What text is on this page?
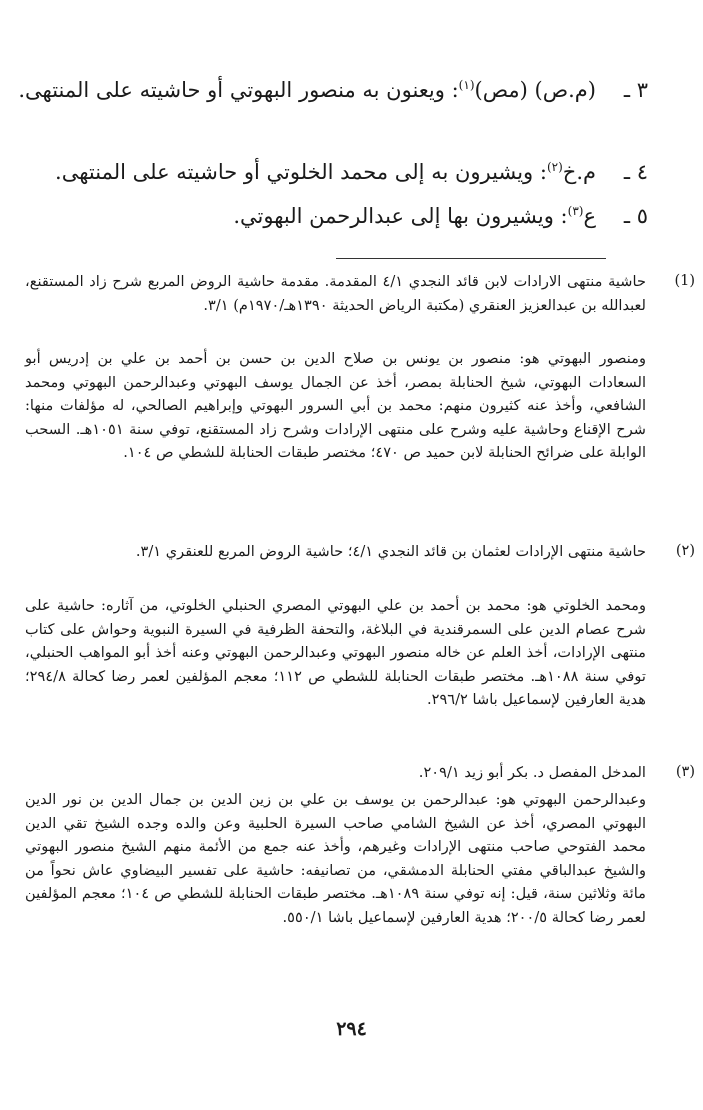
٣ ـ
(م.ص) (مص)$^{(١)}$: ويعنون به منصور البهوتي أو حاشيته على المنتهى.
٤ ـ
م.خ$^{(٢)}$: ويشيرون به إلى محمد الخلوتي أو حاشيته على المنتهى.
٥ ـ
ع$^{(٣)}$: ويشيرون بها إلى عبدالرحمن البهوتي.
(1)
حاشية منتهى الارادات لابن قائد النجدي ٤/١ المقدمة. مقدمة حاشية الروض المربع شرح زاد المستقنع، لعبدالله بن عبدالعزيز العنقري (مكتبة الرياض الحديثة ١٣٩٠هـ/١٩٧٠م) ٣/١.
ومنصور البهوتي هو: منصور بن يونس بن صلاح الدين بن حسن بن أحمد بن علي بن إدريس أبو السعادات البهوتي، شيخ الحنابلة بمصر، أخذ عن الجمال يوسف البهوتي وعبدالرحمن البهوتي ومحمد الشافعي، وأخذ عنه كثيرون منهم: محمد بن أبي السرور البهوتي وإبراهيم الصالحي، له مؤلفات منها: شرح الإقناع وحاشية عليه وشرح على منتهى الإرادات وشرح زاد المستقنع، توفي سنة ١٠٥١هـ. السحب الوابلة على ضرائح الحنابلة لابن حميد ص ٤٧٠؛ مختصر طبقات الحنابلة للشطي ص ١٠٤.
(٢)
حاشية منتهى الإرادات لعثمان بن قائد النجدي ٤/١؛ حاشية الروض المربع للعنقري ٣/١.
ومحمد الخلوتي هو: محمد بن أحمد بن علي البهوتي المصري الحنبلي الخلوتي، من آثاره: حاشية على شرح عصام الدين على السمرقندية في البلاغة، والتحفة الظرفية في السيرة النبوية وحواش على كتاب منتهى الإرادات، أخذ العلم عن خاله منصور البهوتي وعبدالرحمن البهوتي وعنه أخذ أبو المواهب الحنبلي، توفي سنة ١٠٨٨هـ. مختصر طبقات الحنابلة للشطي ص ١١٢؛ معجم المؤلفين لعمر رضا كحالة ٢٩٤/٨؛ هدية العارفين لإسماعيل باشا ٢٩٦/٢.
(٣)
المدخل المفصل د. بكر أبو زيد ٢٠٩/١.
وعبدالرحمن البهوتي هو: عبدالرحمن بن يوسف بن علي بن زين الدين بن جمال الدين بن نور الدين البهوتي المصري، أخذ عن الشيخ الشامي صاحب السيرة الحلبية وعن والده وجده الشيخ تقي الدين محمد الفتوحي صاحب منتهى الإرادات وغيرهم، وأخذ عنه جمع من الأئمة منهم الشيخ منصور البهوتي والشيخ عبدالباقي مفتي الحنابلة الدمشقي، من تصانيفه: حاشية على تفسير البيضاوي عاش نحواً من مائة وثلاثين سنة، قيل: إنه توفي سنة ١٠٨٩هـ. مختصر طبقات الحنابلة للشطي ص ١٠٤؛ معجم المؤلفين لعمر رضا كحالة ٢٠٠/٥؛ هدية العارفين لإسماعيل باشا ٥٥٠/١.
٢٩٤
